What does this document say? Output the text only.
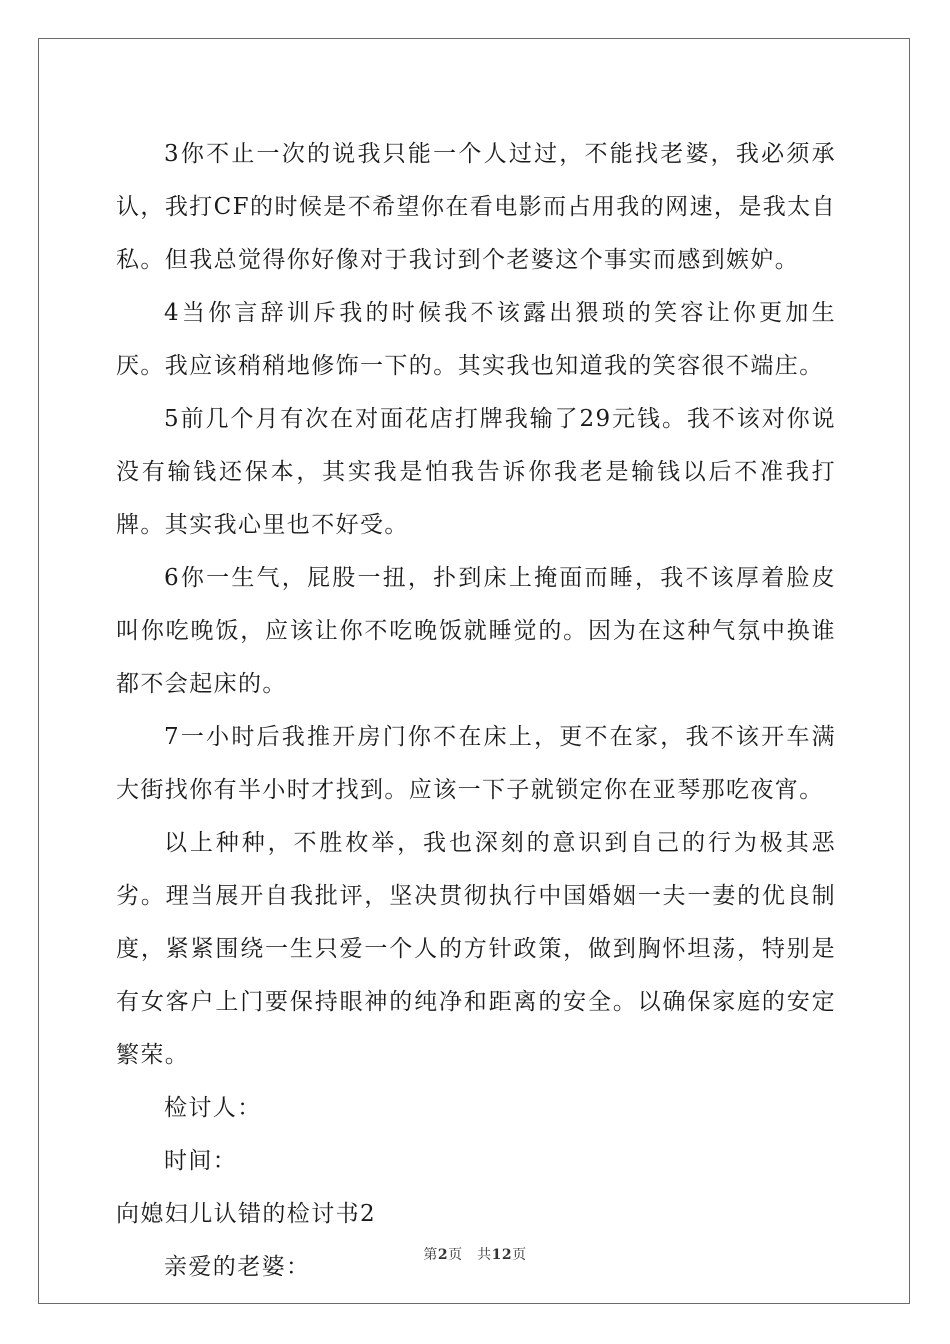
3你不止一次的说我只能一个人过过，不能找老婆，我必须承认，我打CF的时候是不希望你在看电影而占用我的网速，是我太自私。但我总觉得你好像对于我讨到个老婆这个事实而感到嫉妒。

4当你言辞训斥我的时候我不该露出猥琐的笑容让你更加生厌。我应该稍稍地修饰一下的。其实我也知道我的笑容很不端庄。

5前几个月有次在对面花店打牌我输了29元钱。我不该对你说没有输钱还保本，其实我是怕我告诉你我老是输钱以后不准我打牌。其实我心里也不好受。

6你一生气，屁股一扭，扑到床上掩面而睡，我不该厚着脸皮叫你吃晚饭，应该让你不吃晚饭就睡觉的。因为在这种气氛中换谁都不会起床的。

7一小时后我推开房门你不在床上，更不在家，我不该开车满大街找你有半小时才找到。应该一下子就锁定你在亚琴那吃夜宵。

以上种种，不胜枚举，我也深刻的意识到自己的行为极其恶劣。理当展开自我批评，坚决贯彻执行中国婚姻一夫一妻的优良制度，紧紧围绕一生只爱一个人的方针政策，做到胸怀坦荡，特别是有女客户上门要保持眼神的纯净和距离的安全。以确保家庭的安定繁荣。

检讨人：

时间：

向媳妇儿认错的检讨书2

亲爱的老婆：	第2页　共12页
